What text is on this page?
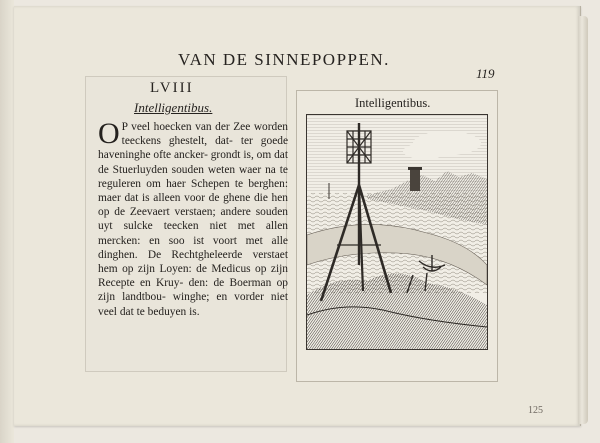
VAN DE SINNEPOPPEN.
119
LVIII
Intelligentibus.
O P veel hoecken van der Zee worden teeckens ghestelt, dat- ter goede haveninghe ofte ancker- grondt is, om dat de Stuerluyden souden weten waer na te reguleren om haer Schepen te berghen: maer dat is alleen voor de ghene die hen op de Zeevaert verstaen; andere souden uyt sulcke teecken niet met allen mercken: en soo ist voort met alle dinghen. De Rechtgheleerde verstaet hem op zijn Loyen: de Medicus op zijn Recepte en Kruy- den: de Boerman op zijn landtbou- winghe; en vorder niet veel dat te beduyen is.
Intelligentibus.
125
